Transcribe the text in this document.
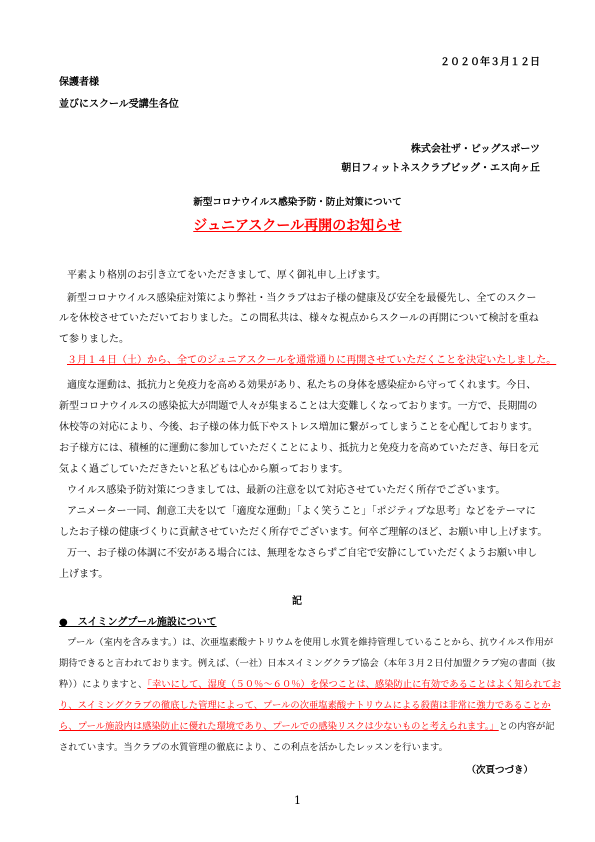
２０２０年３月１２日
保護者様
並びにスクール受講生各位
株式会社ザ・ビッグスポーツ
朝日フィットネスクラブビッグ・エス向ヶ丘
新型コロナウイルス感染予防・防止対策について
ジュニアスクール再開のお知らせ
平素より格別のお引き立てをいただきまして、厚く御礼申し上げます。
新型コロナウイルス感染症対策により弊社・当クラブはお子様の健康及び安全を最優先し、全てのスクー
ルを休校させていただいておりました。この間私共は、様々な視点からスクールの再開について検討を重ね
て参りました。
３月１４日（土）から、全てのジュニアスクールを通常通りに再開させていただくことを決定いたしました。
適度な運動は、抵抗力と免疫力を高める効果があり、私たちの身体を感染症から守ってくれます。今日、
新型コロナウイルスの感染拡大が問題で人々が集まることは大変難しくなっております。一方で、長期間の
休校等の対応により、今後、お子様の体力低下やストレス増加に繋がってしまうことを心配しております。
お子様方には、積極的に運動に参加していただくことにより、抵抗力と免疫力を高めていただき、毎日を元
気よく過ごしていただきたいと私どもは心から願っております。
ウイルス感染予防対策につきましては、最新の注意を以て対応させていただく所存でございます。
アニメーター一同、創意工夫を以て「適度な運動」「よく笑うこと」「ポジティブな思考」などをテーマに
したお子様の健康づくりに貢献させていただく所存でございます。何卒ご理解のほど、お願い申し上げます。
万一、お子様の体調に不安がある場合には、無理をなさらずご自宅で安静にしていただくようお願い申し
上げます。
記
●　スイミングプール施設について
プール（室内を含みます。）は、次亜塩素酸ナトリウムを使用し水質を維持管理していることから、抗ウイルス作用が
期待できると言われております。例えば、（一社）日本スイミングクラブ協会（本年３月２日付加盟クラブ宛の書面（抜
粋））によりますと、「幸いにして、湿度（５０％～６０％）を保つことは、感染防止に有効であることはよく知られてお
り、スイミングクラブの徹底した管理によって、プールの次亜塩素酸ナトリウムによる殺菌は非常に強力であることか
ら、プール施設内は感染防止に優れた環境であり、プールでの感染リスクは少ないものと考えられます。」との内容が記
されています。当クラブの水質管理の徹底により、この利点を活かしたレッスンを行います。
（次頁つづき）
1
